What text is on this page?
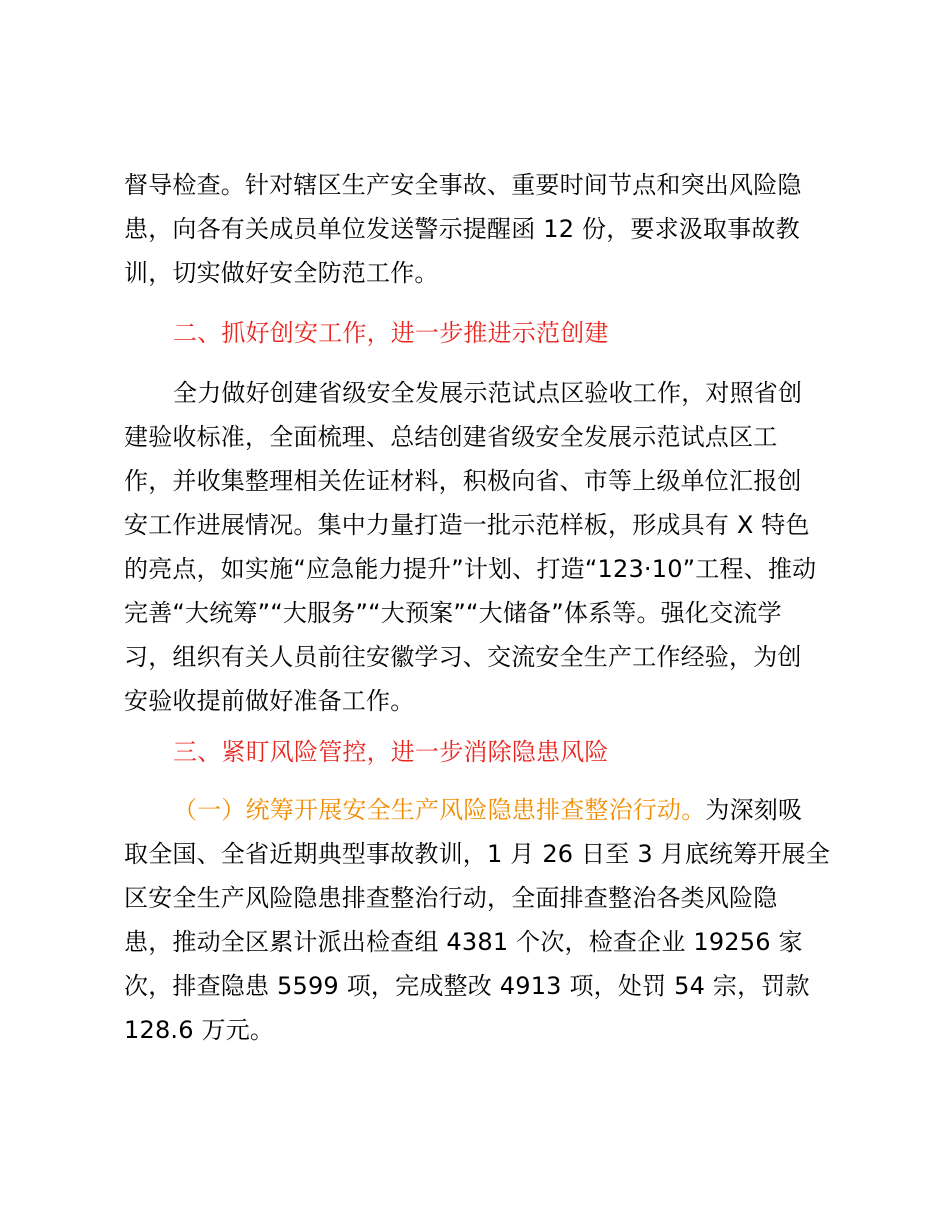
督导检查。针对辖区生产安全事故、重要时间节点和突出风险隐
患，向各有关成员单位发送警示提醒函 12 份，要求汲取事故教
训，切实做好安全防范工作。
二、抓好创安工作，进一步推进示范创建
全力做好创建省级安全发展示范试点区验收工作，对照省创
建验收标准，全面梳理、总结创建省级安全发展示范试点区工
作，并收集整理相关佐证材料，积极向省、市等上级单位汇报创
安工作进展情况。集中力量打造一批示范样板，形成具有 X 特色
的亮点，如实施“应急能力提升”计划、打造“123·10”工程、推动
完善“大统筹”“大服务”“大预案”“大储备”体系等。强化交流学
习，组织有关人员前往安徽学习、交流安全生产工作经验，为创
安验收提前做好准备工作。
三、紧盯风险管控，进一步消除隐患风险
（一）统筹开展安全生产风险隐患排查整治行动。为深刻吸
取全国、全省近期典型事故教训，1 月 26 日至 3 月底统筹开展全
区安全生产风险隐患排查整治行动，全面排查整治各类风险隐
患，推动全区累计派出检查组 4381 个次，检查企业 19256 家
次，排查隐患 5599 项，完成整改 4913 项，处罚 54 宗，罚款
128.6 万元。
